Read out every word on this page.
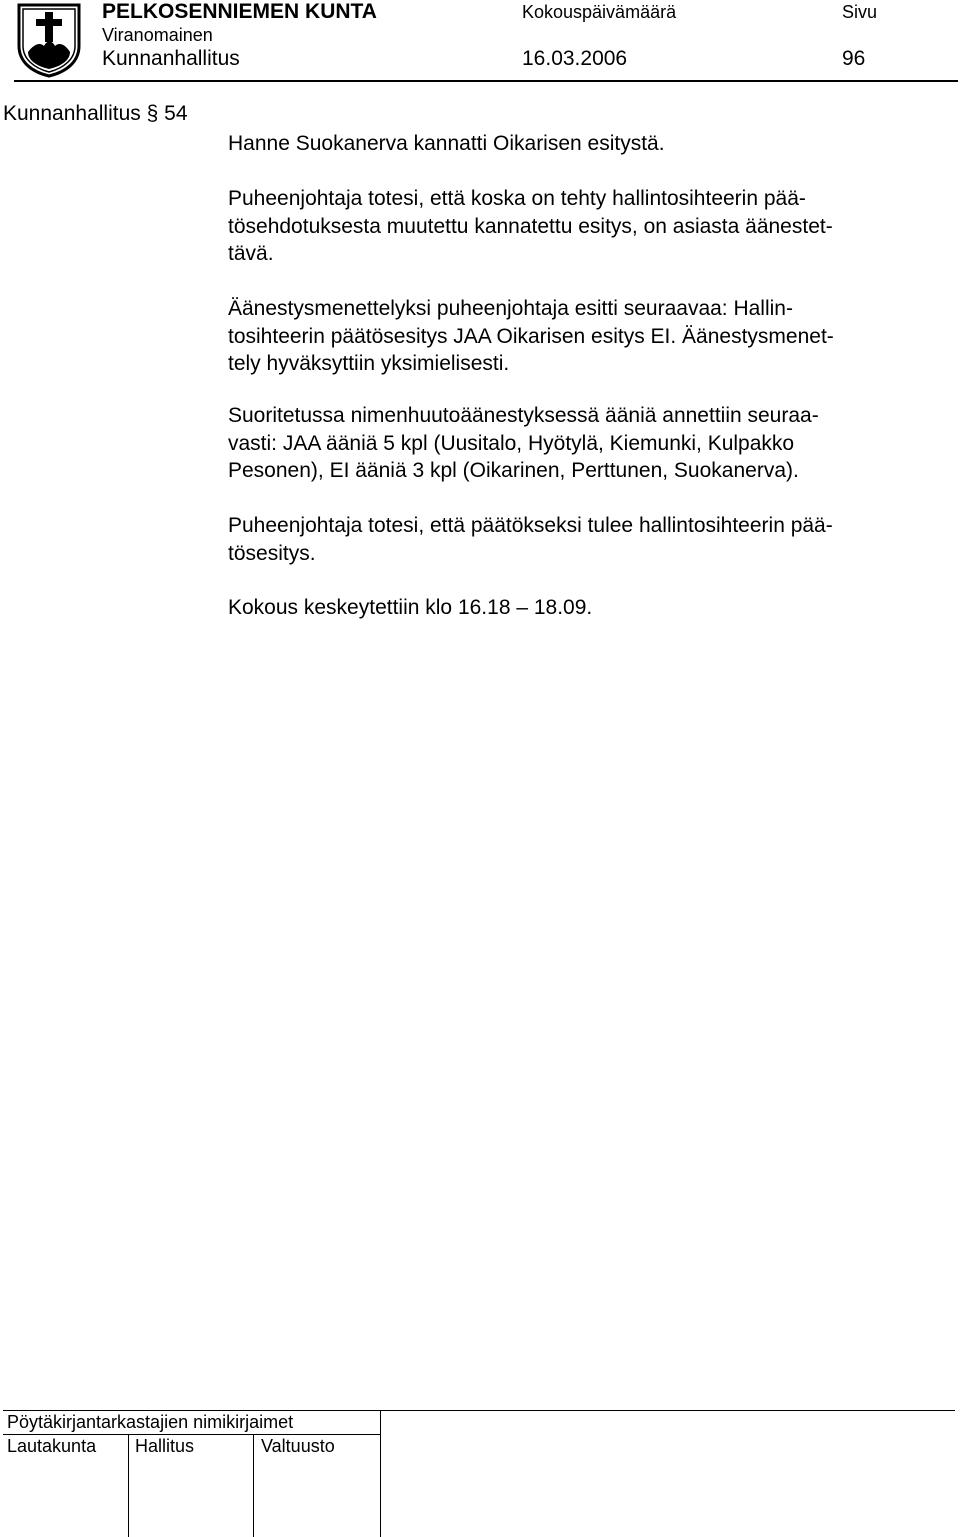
PELKOSENNIEMEN KUNTA
Viranomainen
Kunnanhallitus
Kokouspäivämäärä
16.03.2006
Sivu
96
Kunnanhallitus § 54

Hanne Suokanerva kannatti Oikarisen esitystä.

Puheenjohtaja totesi, että koska on tehty hallintosihteerin pää-

tösehdotuksesta muutettu kannatettu esitys, on asiasta äänestet-

tävä.

Äänestysmenettelyksi puheenjohtaja esitti seuraavaa: Hallin-

tosihteerin päätösesitys JAA Oikarisen esitys EI. Äänestysmenet-

tely hyväksyttiin yksimielisesti.

Suoritetussa nimenhuutoäänestyksessä ääniä annettiin seuraa-

vasti: JAA ääniä 5 kpl (Uusitalo, Hyötylä, Kiemunki, Kulpakko

Pesonen), EI ääniä 3 kpl (Oikarinen, Perttunen, Suokanerva).

Puheenjohtaja totesi, että päätökseksi tulee hallintosihteerin pää-

tösesitys.

Kokous keskeytettiin klo 16.18 – 18.09.

Pöytäkirjantarkastajien nimikirjaimet
Lautakunta Hallitus	Valtuusto
